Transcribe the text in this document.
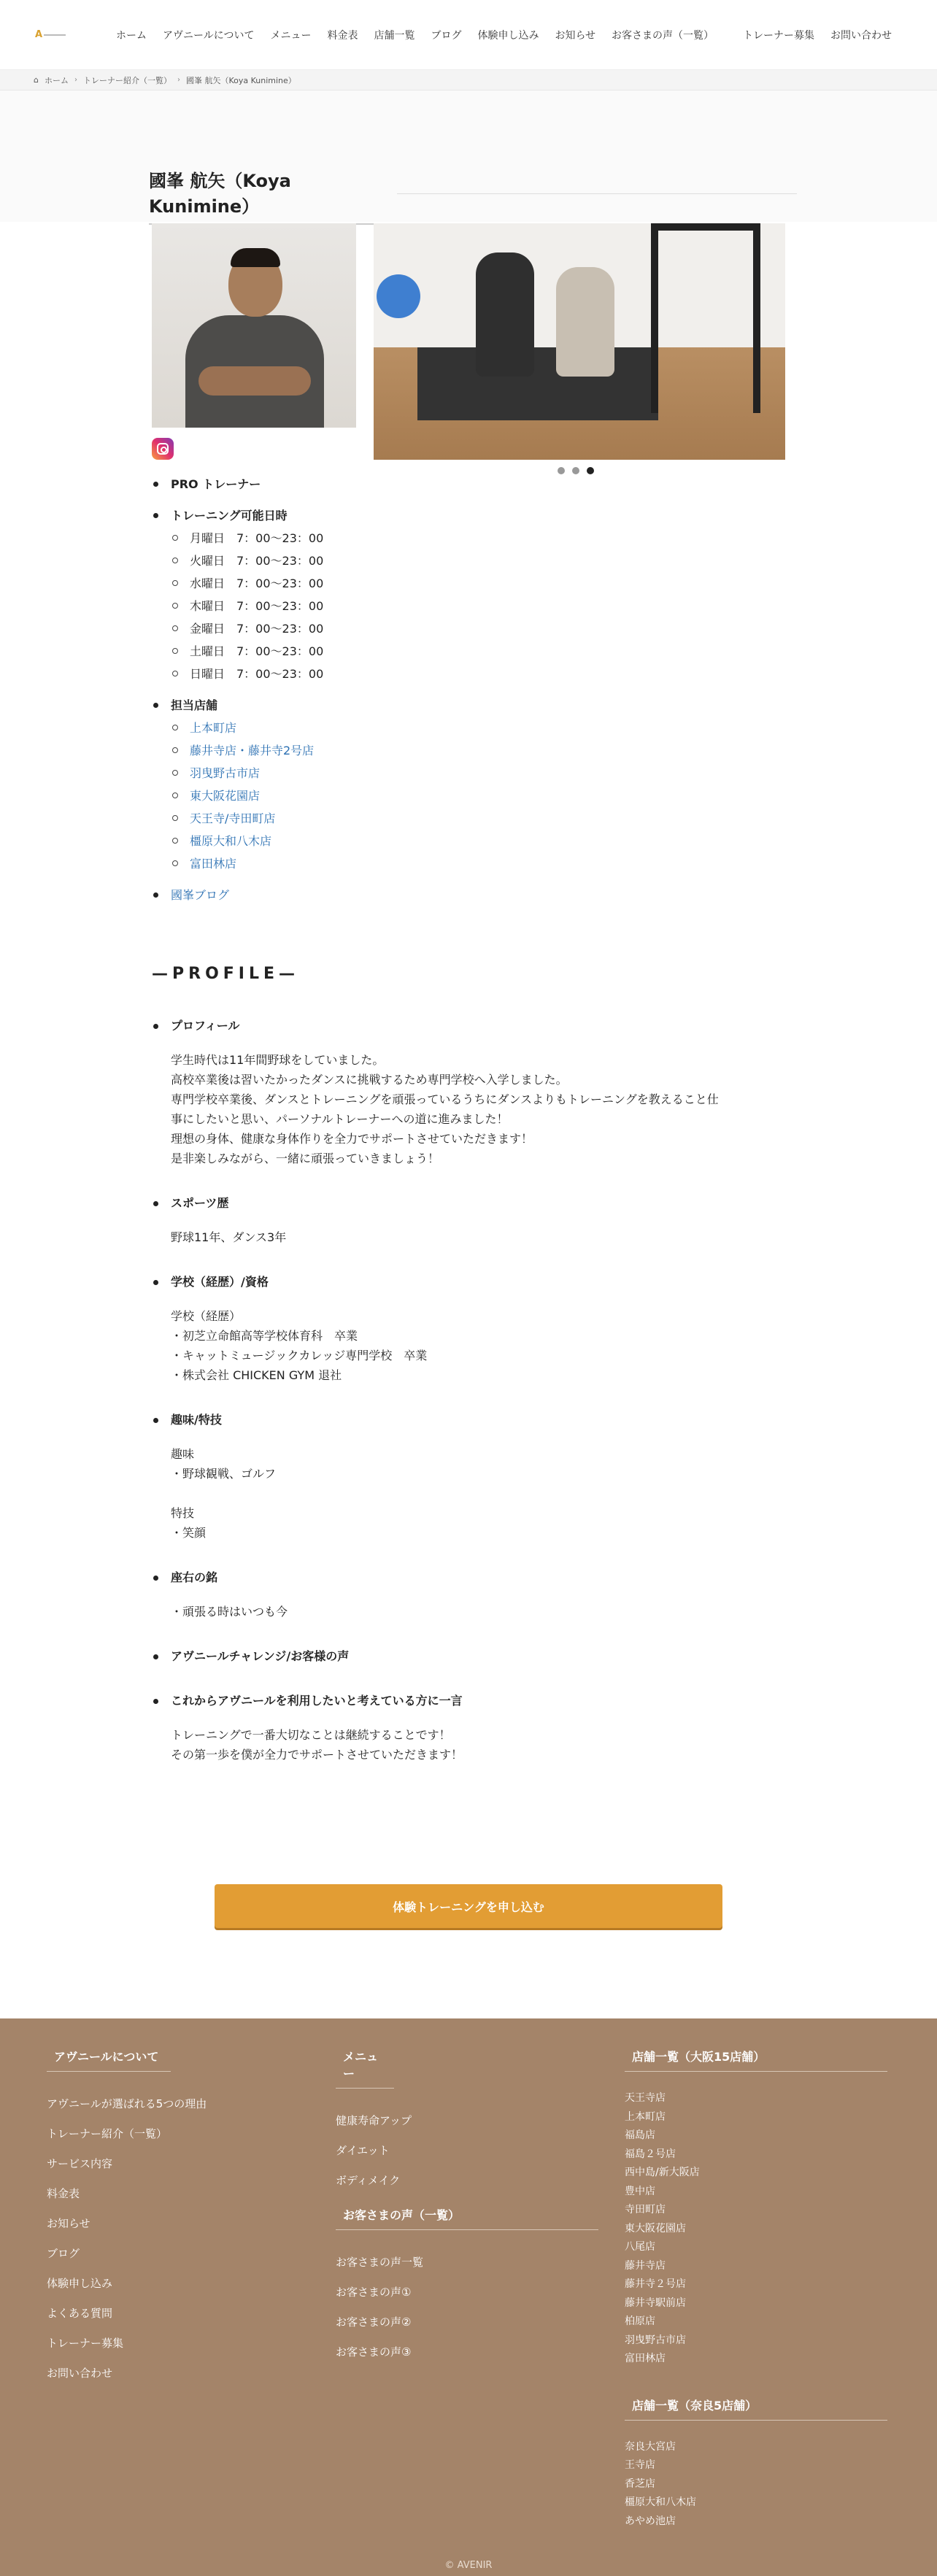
A	ホーム	アヴニールについて	メニュー	料金表	店舗一覧	ブログ	体験申し込み	お知らせ	お客さまの声（一覧）	トレーナー募集	お問い合わせ
⌂ ホーム › トレーナー紹介（一覧） › 國峯 航矢（Koya Kunimine）
國峯 航矢（Koya Kunimine）
PRO トレーナー
トレーニング可能日時
月曜日　7：00〜23：00
火曜日　7：00〜23：00
水曜日　7：00〜23：00
木曜日　7：00〜23：00
金曜日　7：00〜23：00
土曜日　7：00〜23：00
日曜日　7：00〜23：00
担当店舗
上本町店
藤井寺店・藤井寺2号店
羽曳野古市店
東大阪花園店
天王寺/寺田町店
橿原大和八木店
富田林店
國峯ブログ
—PROFILE—
プロフィール
学生時代は11年間野球をしていました。
高校卒業後は習いたかったダンスに挑戦するため専門学校へ入学しました。
専門学校卒業後、ダンスとトレーニングを頑張っているうちにダンスよりもトレーニングを教えること仕
事にしたいと思い、パーソナルトレーナーへの道に進みました！
理想の身体、健康な身体作りを全力でサポートさせていただきます！
是非楽しみながら、一緒に頑張っていきましょう！
スポーツ歴
野球11年、ダンス3年
学校（経歴）/資格
学校（経歴）
・初芝立命館高等学校体育科　卒業
・キャットミュージックカレッジ専門学校　卒業
・株式会社 CHICKEN GYM 退社
趣味/特技
趣味
・野球観戦、ゴルフ
特技
・笑顔
座右の銘
・頑張る時はいつも今
アヴニールチャレンジ/お客様の声
これからアヴニールを利用したいと考えている方に一言
トレーニングで一番大切なことは継続することです！
その第一歩を僕が全力でサポートさせていただきます！
体験トレーニングを申し込む
アヴニールについて
アヴニールが選ばれる5つの理由
トレーナー紹介（一覧）
サービス内容
料金表
お知らせ
ブログ
体験申し込み
よくある質問
トレーナー募集
お問い合わせ
メニュー
健康寿命アップ
ダイエット
ボディメイク
お客さまの声（一覧）
お客さまの声一覧
お客さまの声①
お客さまの声②
お客さまの声③
店舗一覧（大阪15店舗）
天王寺店
上本町店
福島店
福島２号店
西中島/新大阪店
豊中店
寺田町店
東大阪花園店
八尾店
藤井寺店
藤井寺２号店
藤井寺駅前店
柏原店
羽曳野古市店
富田林店
店舗一覧（奈良5店舗）
奈良大宮店
王寺店
香芝店
橿原大和八木店
あやめ池店
© AVENIR
